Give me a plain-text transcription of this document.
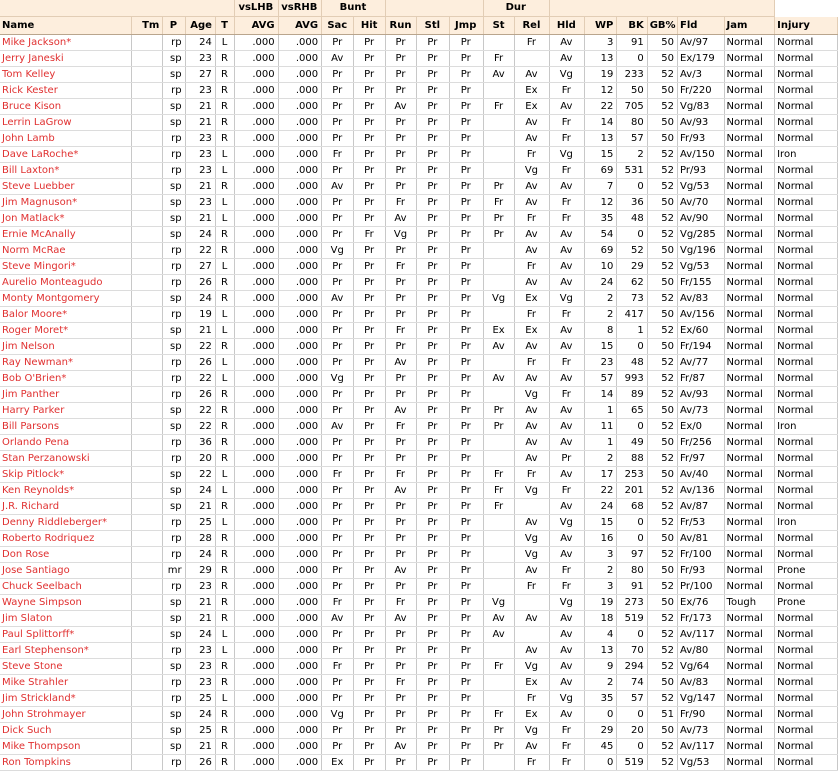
					vsLHB	vsRHB	Bunt					Dur								
Name	Tm	P	Age	T	AVG	AVG	Sac	Hit	Run	Stl	Jmp	St	Rel	Hld	WP	BK	GB%	Fld	Jam	Injury
Mike Jackson*		rp	24	L	.000	.000	Pr	Pr	Pr	Pr	Pr		Fr	Av	3	91	50	Av/97	Normal	Normal
Jerry Janeski		sp	23	R	.000	.000	Av	Pr	Pr	Pr	Pr	Fr		Av	13	0	50	Ex/179	Normal	Normal
Tom Kelley		sp	27	R	.000	.000	Pr	Pr	Pr	Pr	Pr	Av	Av	Vg	19	233	52	Av/3	Normal	Normal
Rick Kester		rp	23	R	.000	.000	Pr	Pr	Pr	Pr	Pr		Ex	Fr	12	50	50	Fr/220	Normal	Normal
Bruce Kison		sp	21	R	.000	.000	Pr	Pr	Av	Pr	Pr	Fr	Ex	Av	22	705	52	Vg/83	Normal	Normal
Lerrin LaGrow		sp	21	R	.000	.000	Pr	Pr	Pr	Pr	Pr		Av	Fr	14	80	50	Av/93	Normal	Normal
John Lamb		rp	23	R	.000	.000	Pr	Pr	Pr	Pr	Pr		Av	Fr	13	57	50	Fr/93	Normal	Normal
Dave LaRoche*		rp	23	L	.000	.000	Fr	Pr	Pr	Pr	Pr		Fr	Vg	15	2	52	Av/150	Normal	Iron
Bill Laxton*		rp	23	L	.000	.000	Pr	Pr	Pr	Pr	Pr		Vg	Fr	69	531	52	Pr/93	Normal	Normal
Steve Luebber		sp	21	R	.000	.000	Av	Pr	Pr	Pr	Pr	Pr	Av	Av	7	0	52	Vg/53	Normal	Normal
Jim Magnuson*		sp	23	L	.000	.000	Pr	Pr	Fr	Pr	Pr	Fr	Av	Fr	12	36	50	Av/70	Normal	Normal
Jon Matlack*		sp	21	L	.000	.000	Pr	Pr	Av	Pr	Pr	Pr	Fr	Fr	35	48	52	Av/90	Normal	Normal
Ernie McAnally		sp	24	R	.000	.000	Pr	Fr	Vg	Pr	Pr	Pr	Av	Av	54	0	52	Vg/285	Normal	Normal
Norm McRae		rp	22	R	.000	.000	Vg	Pr	Pr	Pr	Pr		Av	Av	69	52	50	Vg/196	Normal	Normal
Steve Mingori*		rp	27	L	.000	.000	Pr	Pr	Fr	Pr	Pr		Fr	Av	10	29	52	Vg/53	Normal	Normal
Aurelio Monteagudo		rp	26	R	.000	.000	Pr	Pr	Pr	Pr	Pr		Av	Av	24	62	50	Fr/155	Normal	Normal
Monty Montgomery		sp	24	R	.000	.000	Av	Pr	Pr	Pr	Pr	Vg	Ex	Vg	2	73	52	Av/83	Normal	Normal
Balor Moore*		rp	19	L	.000	.000	Pr	Pr	Pr	Pr	Pr		Fr	Fr	2	417	50	Av/156	Normal	Normal
Roger Moret*		sp	21	L	.000	.000	Pr	Pr	Fr	Pr	Pr	Ex	Ex	Av	8	1	52	Ex/60	Normal	Normal
Jim Nelson		sp	22	R	.000	.000	Pr	Pr	Pr	Pr	Pr	Av	Av	Av	15	0	50	Fr/194	Normal	Normal
Ray Newman*		rp	26	L	.000	.000	Pr	Pr	Av	Pr	Pr		Fr	Fr	23	48	52	Av/77	Normal	Normal
Bob O'Brien*		rp	22	L	.000	.000	Vg	Pr	Pr	Pr	Pr	Av	Av	Av	57	993	52	Fr/87	Normal	Normal
Jim Panther		rp	26	R	.000	.000	Pr	Pr	Pr	Pr	Pr		Vg	Fr	14	89	52	Av/93	Normal	Normal
Harry Parker		sp	22	R	.000	.000	Pr	Pr	Av	Pr	Pr	Pr	Av	Av	1	65	50	Av/73	Normal	Normal
Bill Parsons		sp	22	R	.000	.000	Av	Pr	Fr	Pr	Pr	Pr	Av	Av	11	0	52	Ex/0	Normal	Iron
Orlando Pena		rp	36	R	.000	.000	Pr	Pr	Pr	Pr	Pr		Av	Av	1	49	50	Fr/256	Normal	Normal
Stan Perzanowski		rp	20	R	.000	.000	Pr	Pr	Pr	Pr	Pr		Av	Pr	2	88	52	Fr/97	Normal	Normal
Skip Pitlock*		sp	22	L	.000	.000	Fr	Pr	Fr	Pr	Pr	Fr	Fr	Av	17	253	50	Av/40	Normal	Normal
Ken Reynolds*		sp	24	L	.000	.000	Pr	Pr	Av	Pr	Pr	Fr	Vg	Fr	22	201	52	Av/136	Normal	Normal
J.R. Richard		sp	21	R	.000	.000	Pr	Pr	Pr	Pr	Pr	Fr		Av	24	68	52	Av/87	Normal	Normal
Denny Riddleberger*		rp	25	L	.000	.000	Pr	Pr	Pr	Pr	Pr		Av	Vg	15	0	52	Fr/53	Normal	Iron
Roberto Rodriquez		rp	28	R	.000	.000	Pr	Pr	Pr	Pr	Pr		Vg	Av	16	0	50	Av/81	Normal	Normal
Don Rose		rp	24	R	.000	.000	Pr	Pr	Pr	Pr	Pr		Vg	Av	3	97	52	Fr/100	Normal	Normal
Jose Santiago		mr	29	R	.000	.000	Pr	Pr	Av	Pr	Pr		Av	Fr	2	80	50	Fr/93	Normal	Prone
Chuck Seelbach		rp	23	R	.000	.000	Pr	Pr	Pr	Pr	Pr		Fr	Fr	3	91	52	Pr/100	Normal	Normal
Wayne Simpson		sp	21	R	.000	.000	Fr	Pr	Fr	Pr	Pr	Vg		Vg	19	273	50	Ex/76	Tough	Prone
Jim Slaton		sp	21	R	.000	.000	Av	Pr	Av	Pr	Pr	Av	Av	Av	18	519	52	Fr/173	Normal	Normal
Paul Splittorff*		sp	24	L	.000	.000	Pr	Pr	Pr	Pr	Pr	Av		Av	4	0	52	Av/117	Normal	Normal
Earl Stephenson*		rp	23	L	.000	.000	Pr	Pr	Pr	Pr	Pr		Av	Av	13	70	52	Av/80	Normal	Normal
Steve Stone		sp	23	R	.000	.000	Fr	Pr	Pr	Pr	Pr	Fr	Vg	Av	9	294	52	Vg/64	Normal	Normal
Mike Strahler		rp	23	R	.000	.000	Pr	Pr	Fr	Pr	Pr		Ex	Av	2	74	50	Av/83	Normal	Normal
Jim Strickland*		rp	25	L	.000	.000	Pr	Pr	Pr	Pr	Pr		Fr	Vg	35	57	52	Vg/147	Normal	Normal
John Strohmayer		sp	24	R	.000	.000	Vg	Pr	Pr	Pr	Pr	Fr	Ex	Av	0	0	51	Fr/90	Normal	Normal
Dick Such		sp	25	R	.000	.000	Pr	Pr	Pr	Pr	Pr	Pr	Vg	Fr	29	20	50	Av/73	Normal	Normal
Mike Thompson		sp	21	R	.000	.000	Pr	Pr	Av	Pr	Pr	Pr	Av	Fr	45	0	52	Av/117	Normal	Normal
Ron Tompkins		rp	26	R	.000	.000	Ex	Pr	Pr	Pr	Pr		Fr	Fr	0	519	52	Vg/53	Normal	Normal
